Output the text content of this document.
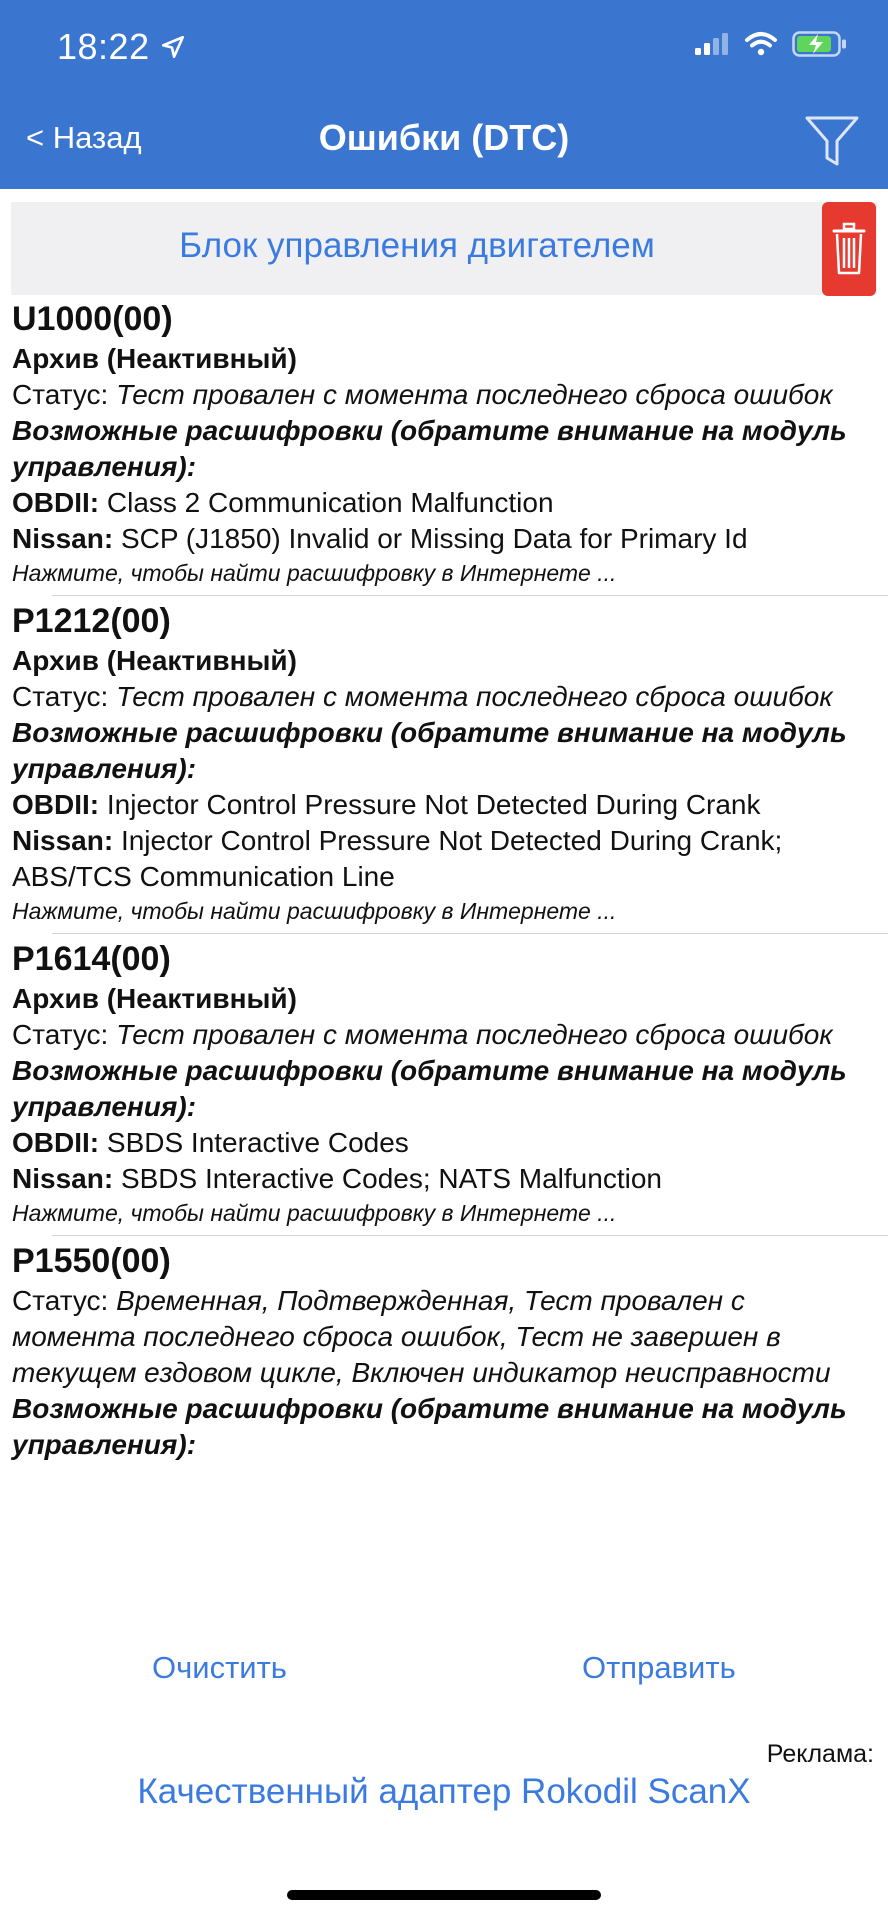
18:22
< Назад	Ошибки (DTC)
Блок управления двигателем
U1000(00)
Архив (Неактивный)
Статус: Тест провален с момента последнего сброса ошибок
Возможные расшифровки (обратите внимание на модуль управления):
OBDII: Class 2 Communication Malfunction
Nissan: SCP (J1850) Invalid or Missing Data for Primary Id
Нажмите, чтобы найти расшифровку в Интернете ...
P1212(00)
Архив (Неактивный)
Статус: Тест провален с момента последнего сброса ошибок
Возможные расшифровки (обратите внимание на модуль управления):
OBDII: Injector Control Pressure Not Detected During Crank
Nissan: Injector Control Pressure Not Detected During Crank; ABS/TCS Communication Line
Нажмите, чтобы найти расшифровку в Интернете ...
P1614(00)
Архив (Неактивный)
Статус: Тест провален с момента последнего сброса ошибок
Возможные расшифровки (обратите внимание на модуль управления):
OBDII: SBDS Interactive Codes
Nissan: SBDS Interactive Codes; NATS Malfunction
Нажмите, чтобы найти расшифровку в Интернете ...
P1550(00)
Статус: Временная, Подтвержденная, Тест провален с момента последнего сброса ошибок, Тест не завершен в текущем ездовом цикле, Включен индикатор неисправности
Возможные расшифровки (обратите внимание на модуль управления):
Очистить	Отправить
Реклама:
Качественный адаптер Rokodil ScanX
